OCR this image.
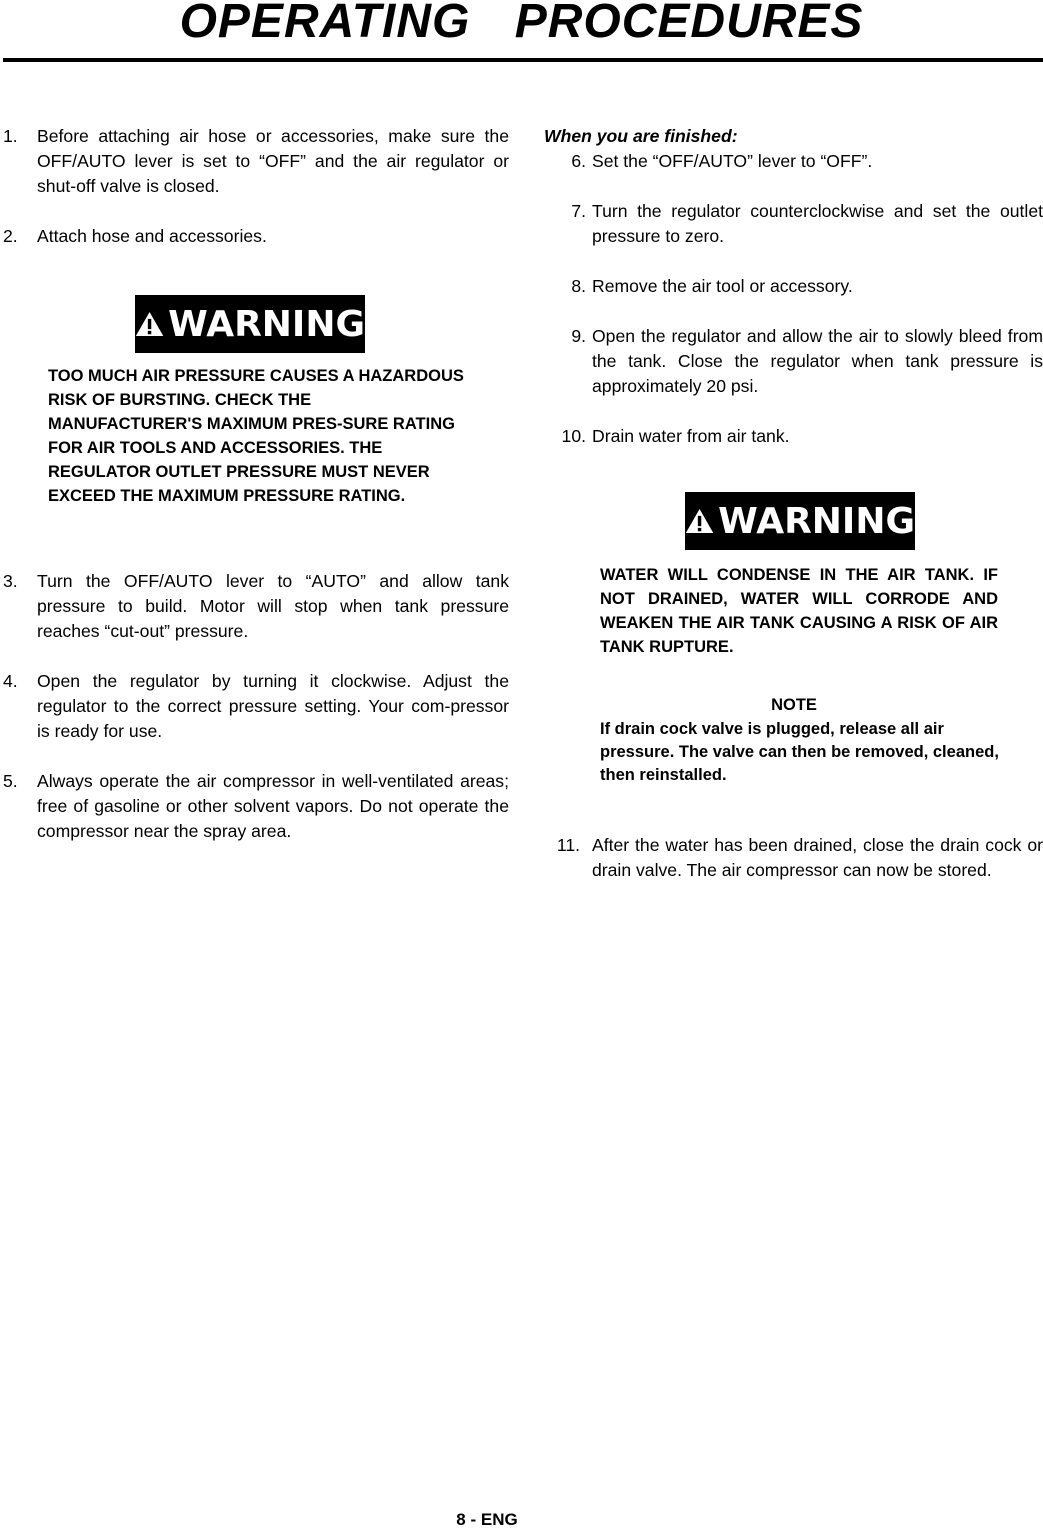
OPERATING PROCEDURES
1. Before attaching air hose or accessories, make sure the OFF/AUTO lever is set to “OFF” and the air regulator or shut-off valve is closed.
2. Attach hose and accessories.
WARNING

TOO MUCH AIR PRESSURE CAUSES A HAZARDOUS RISK OF BURSTING. CHECK THE MANUFACTURER'S MAXIMUM PRES-SURE RATING FOR AIR TOOLS AND ACCESSORIES. THE REGULATOR OUTLET PRESSURE MUST NEVER EXCEED THE MAXIMUM PRESSURE RATING.

3. Turn the OFF/AUTO lever to “AUTO” and allow tank pressure to build. Motor will stop when tank pressure reaches “cut-out” pressure.
4. Open the regulator by turning it clockwise. Adjust the regulator to the correct pressure setting. Your com-pressor is ready for use.
5. Always operate the air compressor in well-ventilated areas; free of gasoline or other solvent vapors. Do not operate the compressor near the spray area.
When you are finished:
6. Set the “OFF/AUTO” lever to “OFF”.
7. Turn the regulator counterclockwise and set the outlet pressure to zero.
8. Remove the air tool or accessory.
9. Open the regulator and allow the air to slowly bleed from the tank. Close the regulator when tank pressure is approximately 20 psi.
10. Drain water from air tank.
WARNING

WATER WILL CONDENSE IN THE AIR TANK. IF NOT DRAINED, WATER WILL CORRODE AND WEAKEN THE AIR TANK CAUSING A RISK OF AIR TANK RUPTURE.

NOTE

If drain cock valve is plugged, release all air pressure. The valve can then be removed, cleaned, then reinstalled.

11. After the water has been drained, close the drain cock or drain valve. The air compressor can now be stored.
8 - ENG
